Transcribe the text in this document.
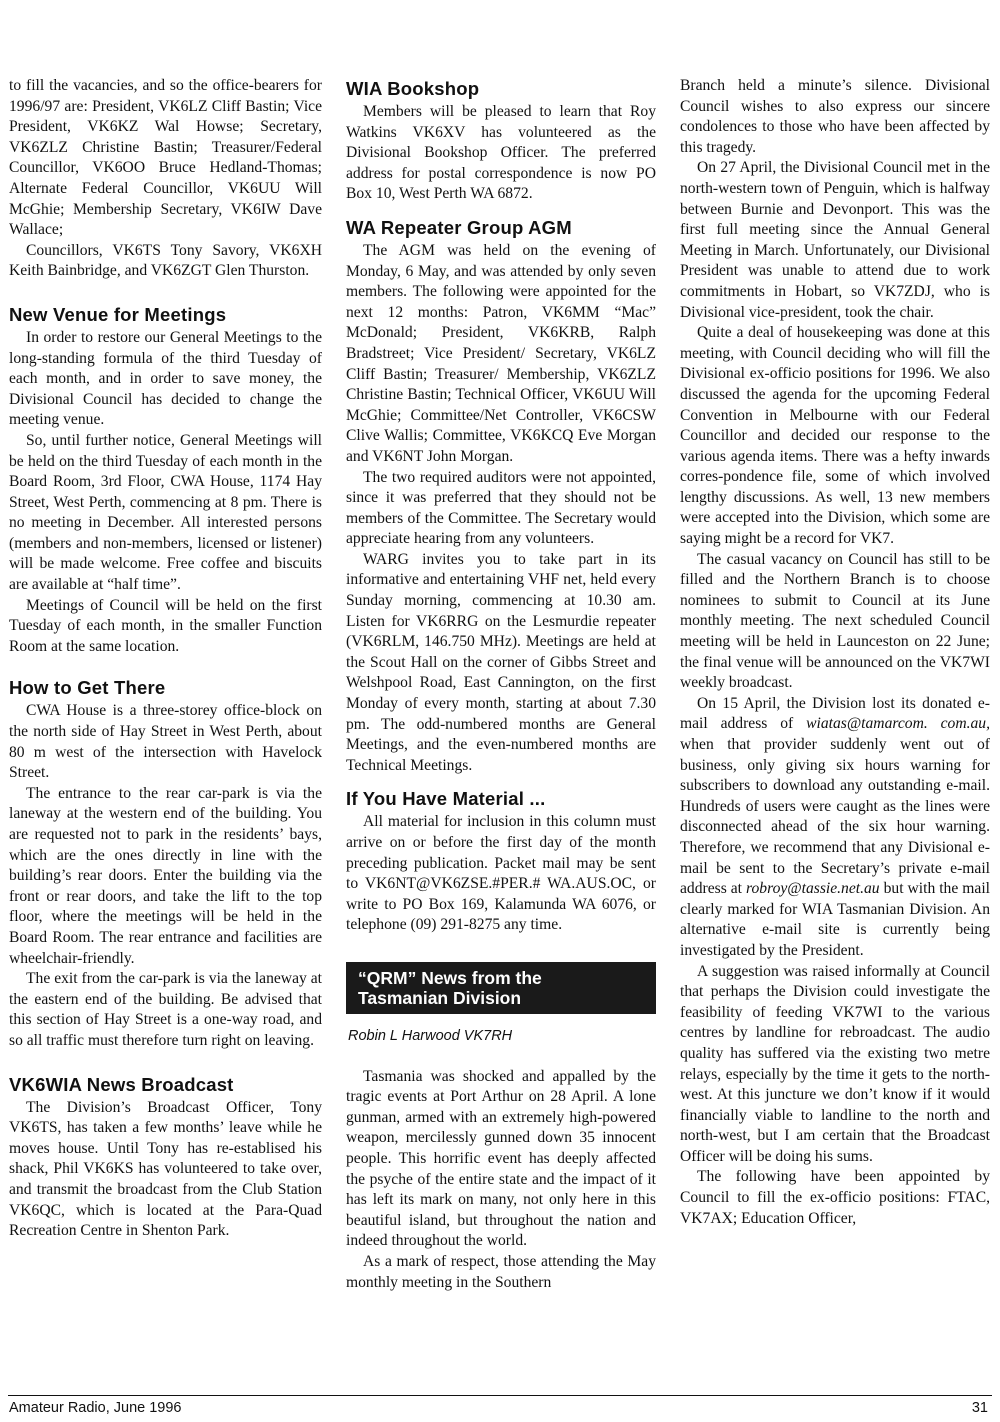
to fill the vacancies, and so the office-bearers for 1996/97 are: President, VK6LZ Cliff Bastin; Vice President, VK6KZ Wal Howse; Secretary, VK6ZLZ Christine Bastin; Treasurer/Federal Councillor, VK6OO Bruce Hedland-Thomas; Alternate Federal Councillor, VK6UU Will McGhie; Membership Secretary, VK6IW Dave Wallace;

Councillors, VK6TS Tony Savory, VK6XH Keith Bainbridge, and VK6ZGT Glen Thurston.

New Venue for Meetings

In order to restore our General Meetings to the long-standing formula of the third Tuesday of each month, and in order to save money, the Divisional Council has decided to change the meeting venue.

So, until further notice, General Meetings will be held on the third Tuesday of each month in the Board Room, 3rd Floor, CWA House, 1174 Hay Street, West Perth, commencing at 8 pm. There is no meeting in December. All interested persons (members and non-members, licensed or listener) will be made welcome. Free coffee and biscuits are available at “half time”.

Meetings of Council will be held on the first Tuesday of each month, in the smaller Function Room at the same location.

How to Get There

CWA House is a three-storey office-block on the north side of Hay Street in West Perth, about 80 m west of the intersection with Havelock Street.

The entrance to the rear car-park is via the laneway at the western end of the building. You are requested not to park in the residents’ bays, which are the ones directly in line with the building’s rear doors. Enter the building via the front or rear doors, and take the lift to the top floor, where the meetings will be held in the Board Room. The rear entrance and facilities are wheelchair-friendly.

The exit from the car-park is via the laneway at the eastern end of the building. Be advised that this section of Hay Street is a one-way road, and so all traffic must therefore turn right on leaving.

VK6WIA News Broadcast

The Division’s Broadcast Officer, Tony VK6TS, has taken a few months’ leave while he moves house. Until Tony has re-establised his shack, Phil VK6KS has volunteered to take over, and transmit the broadcast from the Club Station VK6QC, which is located at the Para-Quad Recreation Centre in Shenton Park.

WIA Bookshop

Members will be pleased to learn that Roy Watkins VK6XV has volunteered as the Divisional Bookshop Officer. The preferred address for postal correspondence is now PO Box 10, West Perth WA 6872.

WA Repeater Group AGM

The AGM was held on the evening of Monday, 6 May, and was attended by only seven members. The following were appointed for the next 12 months: Patron, VK6MM “Mac” McDonald; President, VK6KRB, Ralph Bradstreet; Vice President/ Secretary, VK6LZ Cliff Bastin; Treasurer/ Membership, VK6ZLZ Christine Bastin; Technical Officer, VK6UU Will McGhie; Committee/Net Controller, VK6CSW Clive Wallis; Committee, VK6KCQ Eve Morgan and VK6NT John Morgan.

The two required auditors were not appointed, since it was preferred that they should not be members of the Committee. The Secretary would appreciate hearing from any volunteers.

WARG invites you to take part in its informative and entertaining VHF net, held every Sunday morning, commencing at 10.30 am. Listen for VK6RRG on the Lesmurdie repeater (VK6RLM, 146.750 MHz). Meetings are held at the Scout Hall on the corner of Gibbs Street and Welshpool Road, East Cannington, on the first Monday of every month, starting at about 7.30 pm. The odd-numbered months are General Meetings, and the even-numbered months are Technical Meetings.

If You Have Material ...

All material for inclusion in this column must arrive on or before the first day of the month preceding publication. Packet mail may be sent to VK6NT@VK6ZSE.#PER.# WA.AUS.OC, or write to PO Box 169, Kalamunda WA 6076, or telephone (09) 291-8275 any time.

“QRM” News from the
Tasmanian Division
Robin L Harwood VK7RH

Tasmania was shocked and appalled by the tragic events at Port Arthur on 28 April. A lone gunman, armed with an extremely high-powered weapon, mercilessly gunned down 35 innocent people. This horrific event has deeply affected the psyche of the entire state and the impact of it has left its mark on many, not only here in this beautiful island, but throughout the nation and indeed throughout the world.

As a mark of respect, those attending the May monthly meeting in the Southern

Branch held a minute’s silence. Divisional Council wishes to also express our sincere condolences to those who have been affected by this tragedy.

On 27 April, the Divisional Council met in the north-western town of Penguin, which is halfway between Burnie and Devonport. This was the first full meeting since the Annual General Meeting in March. Unfortunately, our Divisional President was unable to attend due to work commitments in Hobart, so VK7ZDJ, who is Divisional vice-president, took the chair.

Quite a deal of housekeeping was done at this meeting, with Council deciding who will fill the Divisional ex-officio positions for 1996. We also discussed the agenda for the upcoming Federal Convention in Melbourne with our Federal Councillor and decided our response to the various agenda items. There was a hefty inwards corres-pondence file, some of which involved lengthy discussions. As well, 13 new members were accepted into the Division, which some are saying might be a record for VK7.

The casual vacancy on Council has still to be filled and the Northern Branch is to choose nominees to submit to Council at its June monthly meeting. The next scheduled Council meeting will be held in Launceston on 22 June; the final venue will be announced on the VK7WI weekly broadcast.

On 15 April, the Division lost its donated e-mail address of wiatas@tamarcom. com.au, when that provider suddenly went out of business, only giving six hours warning for subscribers to download any outstanding e-mail. Hundreds of users were caught as the lines were disconnected ahead of the six hour warning. Therefore, we recommend that any Divisional e-mail be sent to the Secretary’s private e-mail address at robroy@tassie.net.au but with the mail clearly marked for WIA Tasmanian Division. An alternative e-mail site is currently being investigated by the President.

A suggestion was raised informally at Council that perhaps the Division could investigate the feasibility of feeding VK7WI to the various centres by landline for rebroadcast. The audio quality has suffered via the existing two metre relays, especially by the time it gets to the north-west. At this juncture we don’t know if it would financially viable to landline to the north and north-west, but I am certain that the Broadcast Officer will be doing his sums.

The following have been appointed by Council to fill the ex-officio positions: FTAC, VK7AX; Education Officer,

Amateur Radio, June 1996	31
